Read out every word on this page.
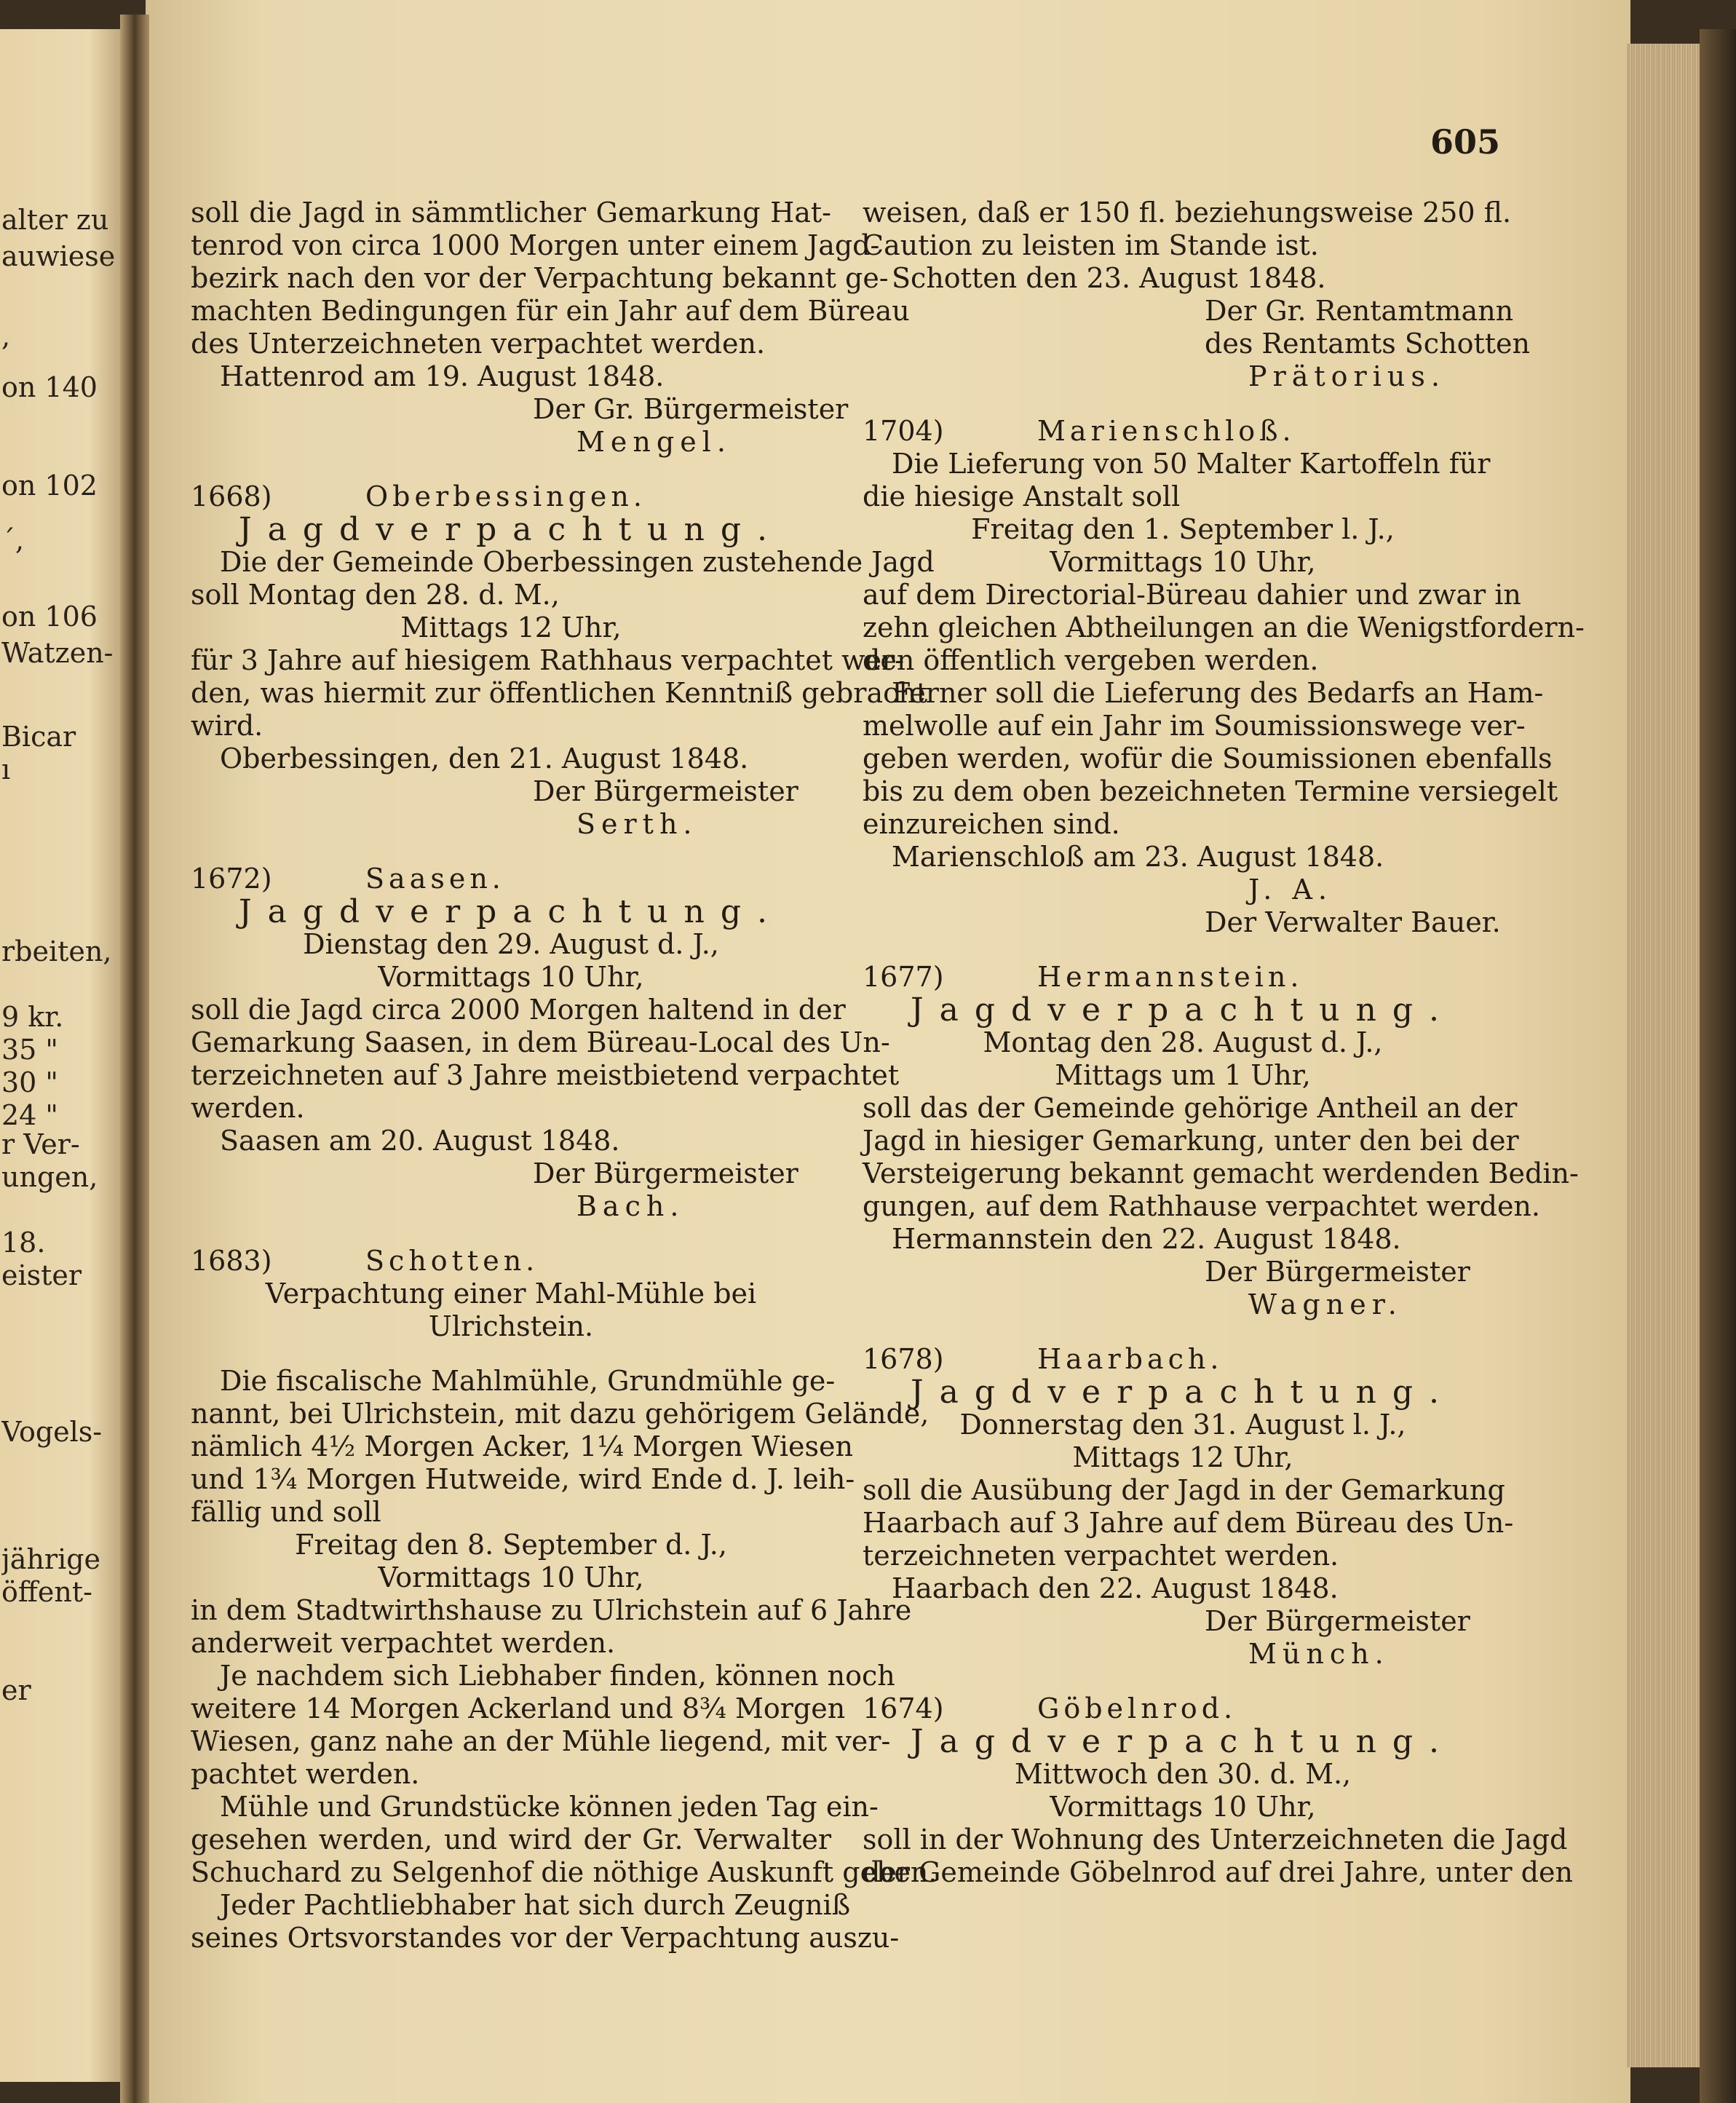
alter zu
auwiese
,
on 140
on 102
´,
on 106
Watzen-
Bicar
ı
rbeiten,
9 kr.
35 "
30 "
24 "
r Ver-
ungen,
18.
eister
Vogels-
jährige
öffent-
er
605
soll die Jagd in sämmtlicher Gemarkung Hat-
tenrod von circa 1000 Morgen unter einem Jagd-
bezirk nach den vor der Verpachtung bekannt ge-
machten Bedingungen für ein Jahr auf dem Büreau
des Unterzeichneten verpachtet werden.
Hattenrod am 19. August 1848.
Der Gr. Bürgermeister
Mengel.
1668)	Oberbessingen.
Jagdverpachtung.
Die der Gemeinde Oberbessingen zustehende Jagd
soll Montag den 28. d. M.,
Mittags 12 Uhr,
für 3 Jahre auf hiesigem Rathhaus verpachtet wer-
den, was hiermit zur öffentlichen Kenntniß gebracht
wird.
Oberbessingen, den 21. August 1848.
Der Bürgermeister
Serth.
1672)	Saasen.
Jagdverpachtung.
Dienstag den 29. August d. J.,
Vormittags 10 Uhr,
soll die Jagd circa 2000 Morgen haltend in der
Gemarkung Saasen, in dem Büreau-Local des Un-
terzeichneten auf 3 Jahre meistbietend verpachtet
werden.
Saasen am 20. August 1848.
Der Bürgermeister
Bach.
1683)	Schotten.
Verpachtung einer Mahl-Mühle bei
Ulrichstein.
Die fiscalische Mahlmühle, Grundmühle ge-
nannt, bei Ulrichstein, mit dazu gehörigem Gelände,
nämlich 4½ Morgen Acker, 1¼ Morgen Wiesen
und 1¾ Morgen Hutweide, wird Ende d. J. leih-
fällig und soll
Freitag den 8. September d. J.,
Vormittags 10 Uhr,
in dem Stadtwirthshause zu Ulrichstein auf 6 Jahre
anderweit verpachtet werden.
Je nachdem sich Liebhaber finden, können noch
weitere 14 Morgen Ackerland und 8¾ Morgen
Wiesen, ganz nahe an der Mühle liegend, mit ver-
pachtet werden.
Mühle und Grundstücke können jeden Tag ein-
gesehen werden, und wird der Gr. Verwalter
Schuchard zu Selgenhof die nöthige Auskunft geben.
Jeder Pachtliebhaber hat sich durch Zeugniß
seines Ortsvorstandes vor der Verpachtung auszu-
weisen, daß er 150 fl. beziehungsweise 250 fl.
Caution zu leisten im Stande ist.
Schotten den 23. August 1848.
Der Gr. Rentamtmann
des Rentamts Schotten
Prätorius.
1704)	Marienschloß.
Die Lieferung von 50 Malter Kartoffeln für
die hiesige Anstalt soll
Freitag den 1. September l. J.,
Vormittags 10 Uhr,
auf dem Directorial-Büreau dahier und zwar in
zehn gleichen Abtheilungen an die Wenigstfordern-
den öffentlich vergeben werden.
Ferner soll die Lieferung des Bedarfs an Ham-
melwolle auf ein Jahr im Soumissionswege ver-
geben werden, wofür die Soumissionen ebenfalls
bis zu dem oben bezeichneten Termine versiegelt
einzureichen sind.
Marienschloß am 23. August 1848.
J. A.
Der Verwalter Bauer.
1677)	Hermannstein.
Jagdverpachtung.
Montag den 28. August d. J.,
Mittags um 1 Uhr,
soll das der Gemeinde gehörige Antheil an der
Jagd in hiesiger Gemarkung, unter den bei der
Versteigerung bekannt gemacht werdenden Bedin-
gungen, auf dem Rathhause verpachtet werden.
Hermannstein den 22. August 1848.
Der Bürgermeister
Wagner.
1678)	Haarbach.
Jagdverpachtung.
Donnerstag den 31. August l. J.,
Mittags 12 Uhr,
soll die Ausübung der Jagd in der Gemarkung
Haarbach auf 3 Jahre auf dem Büreau des Un-
terzeichneten verpachtet werden.
Haarbach den 22. August 1848.
Der Bürgermeister
Münch.
1674)	Göbelnrod.
Jagdverpachtung.
Mittwoch den 30. d. M.,
Vormittags 10 Uhr,
soll in der Wohnung des Unterzeichneten die Jagd
der Gemeinde Göbelnrod auf drei Jahre, unter den
